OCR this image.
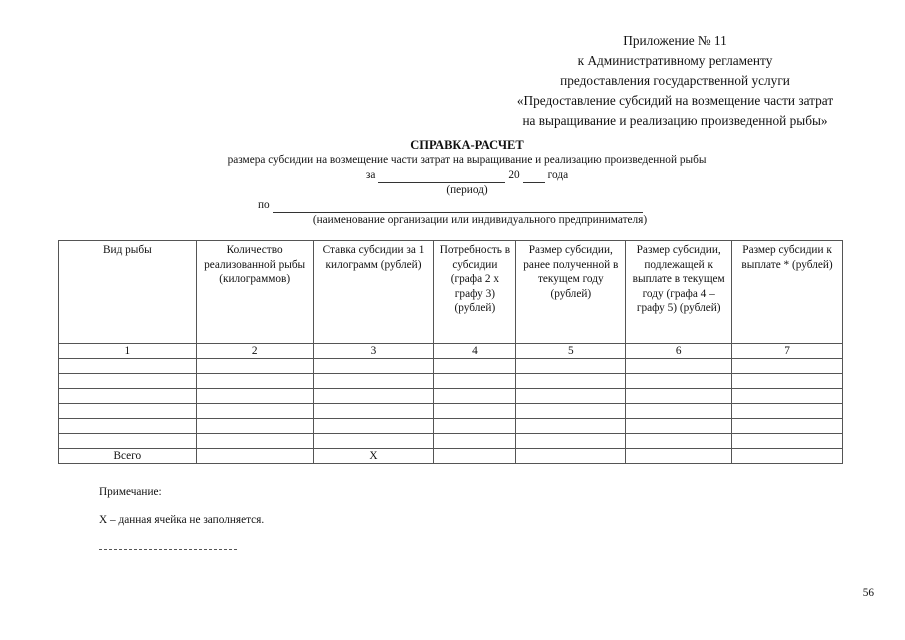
Приложение № 11
к Административному регламенту
предоставления государственной услуги
«Предоставление субсидий на возмещение части затрат
на выращивание и реализацию произведенной рыбы»
СПРАВКА-РАСЧЕТ
размера субсидии на возмещение части затрат на выращивание и реализацию произведенной рыбы
за	20 года
(период)
по
(наименование организации или индивидуального предпринимателя)
Вид рыбы	Количество реализованной рыбы (килограммов)	Ставка субсидии за 1 килограмм (рублей)	Потребность в субсидии (графа 2 х графу 3) (рублей)	Размер субсидии, ранее полученной в текущем году (рублей)	Размер субсидии, подлежащей к выплате в текущем году (графа 4 – графу 5) (рублей)	Размер субсидии к выплате * (рублей)
1	2	3	4	5	6	7

Всего		Х				
Примечание:
Х – данная ячейка не заполняется.
56
